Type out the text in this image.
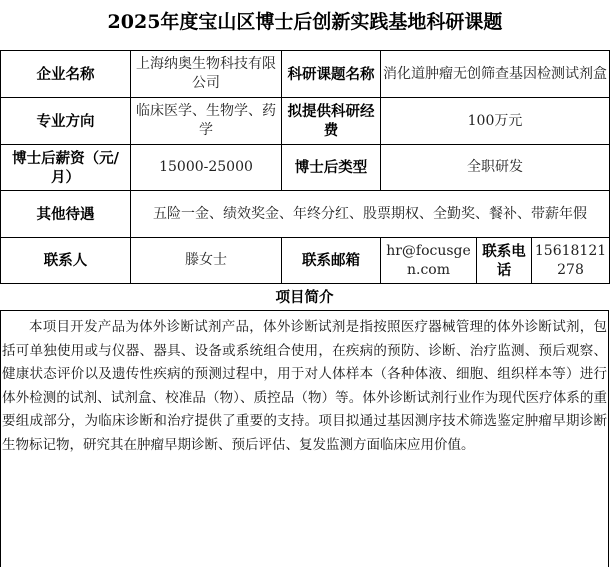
2025年度宝山区博士后创新实践基地科研课题
企业名称	上海纳奥生物科技有限公司	科研课题名称	消化道肿瘤无创筛查基因检测试剂盒		
专业方向	临床医学、生物学、药学	拟提供科研经费	100万元		
博士后薪资（元/月）	15000-25000	博士后类型	全职研发		
其他待遇	五险一金、绩效奖金、年终分红、股票期权、全勤奖、餐补、带薪年假				
联系人	滕女士	联系邮箱	hr@focusgen.com	联系电话	15618121278
项目简介
本项目开发产品为体外诊断试剂产品，体外诊断试剂是指按照医疗器械管理的体外诊断试剂，包括可单独使用或与仪器、器具、设备或系统组合使用，在疾病的预防、诊断、治疗监测、预后观察、健康状态评价以及遗传性疾病的预测过程中，用于对人体样本（各种体液、细胞、组织样本等）进行体外检测的试剂、试剂盒、校准品（物）、质控品（物）等。体外诊断试剂行业作为现代医疗体系的重要组成部分，为临床诊断和治疗提供了重要的支持。项目拟通过基因测序技术筛选鉴定肿瘤早期诊断生物标记物，研究其在肿瘤早期诊断、预后评估、复发监测方面临床应用价值。
